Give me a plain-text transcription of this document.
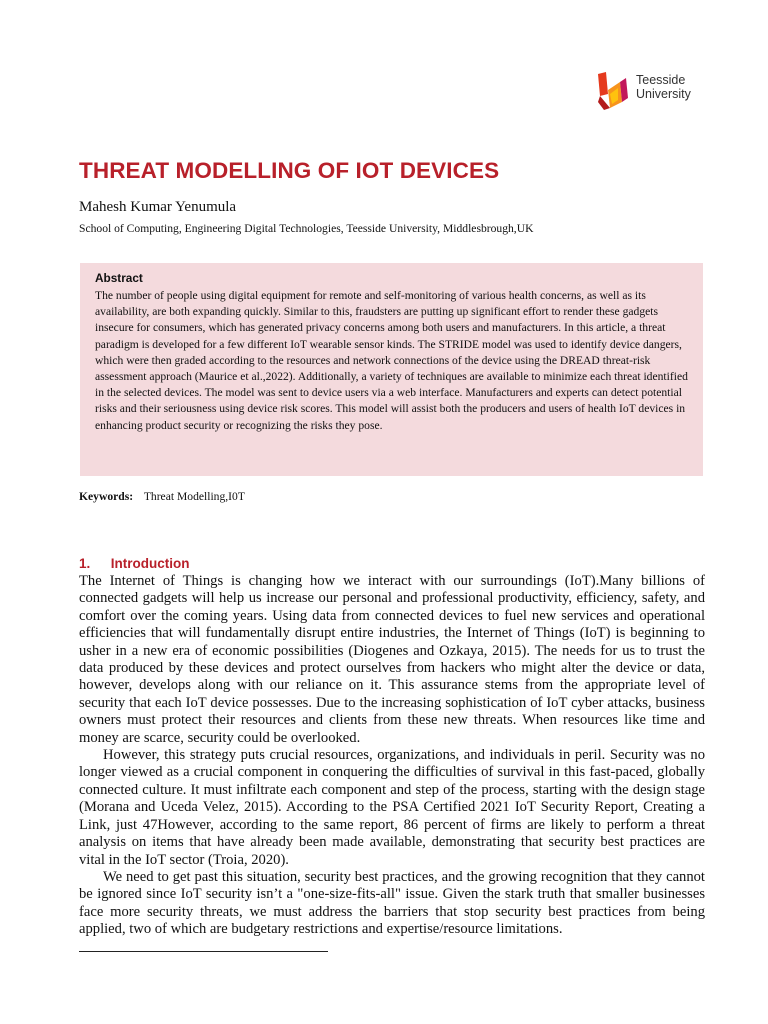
Teesside
University
THREAT MODELLING OF IOT DEVICES
Mahesh Kumar Yenumula
School of Computing, Engineering Digital Technologies, Teesside University, Middlesbrough,UK
Abstract
The number of people using digital equipment for remote and self-monitoring of various health concerns, as well as its availability, are both expanding quickly. Similar to this, fraudsters are putting up significant effort to render these gadgets insecure for consumers, which has generated privacy concerns among both users and manufacturers. In this article, a threat paradigm is developed for a few different IoT wearable sensor kinds. The STRIDE model was used to identify device dangers, which were then graded according to the resources and network connections of the device using the DREAD threat-risk assessment approach (Maurice et al.,2022). Additionally, a variety of techniques are available to minimize each threat identified in the selected devices. The model was sent to device users via a web interface. Manufacturers and experts can detect potential risks and their seriousness using device risk scores. This model will assist both the producers and users of health IoT devices in enhancing product security or recognizing the risks they pose.
Keywords: Threat Modelling,I0T
1. Introduction

The Internet of Things is changing how we interact with our surroundings (IoT).Many billions of connected gadgets will help us increase our personal and professional productivity, efficiency, safety, and comfort over the coming years. Using data from connected devices to fuel new services and operational efficiencies that will fundamentally disrupt entire industries, the Internet of Things (IoT) is beginning to usher in a new era of economic possibilities (Diogenes and Ozkaya, 2015). The needs for us to trust the data produced by these devices and protect ourselves from hackers who might alter the device or data, however, develops along with our reliance on it. This assurance stems from the appropriate level of security that each IoT device possesses. Due to the increasing sophistication of IoT cyber attacks, business owners must protect their resources and clients from these new threats. When resources like time and money are scarce, security could be overlooked.

However, this strategy puts crucial resources, organizations, and individuals in peril. Security was no longer viewed as a crucial component in conquering the difficulties of survival in this fast-paced, globally connected culture. It must infiltrate each component and step of the process, starting with the design stage (Morana and Uceda Velez, 2015). According to the PSA Certified 2021 IoT Security Report, Creating a Link, just 47However, according to the same report, 86 percent of firms are likely to perform a threat analysis on items that have already been made available, demonstrating that security best practices are vital in the IoT sector (Troia, 2020).

We need to get past this situation, security best practices, and the growing recognition that they cannot be ignored since IoT security isn’t a "one-size-fits-all" issue. Given the stark truth that smaller businesses face more security threats, we must address the barriers that stop security best practices from being applied, two of which are budgetary restrictions and expertise/resource limitations.
